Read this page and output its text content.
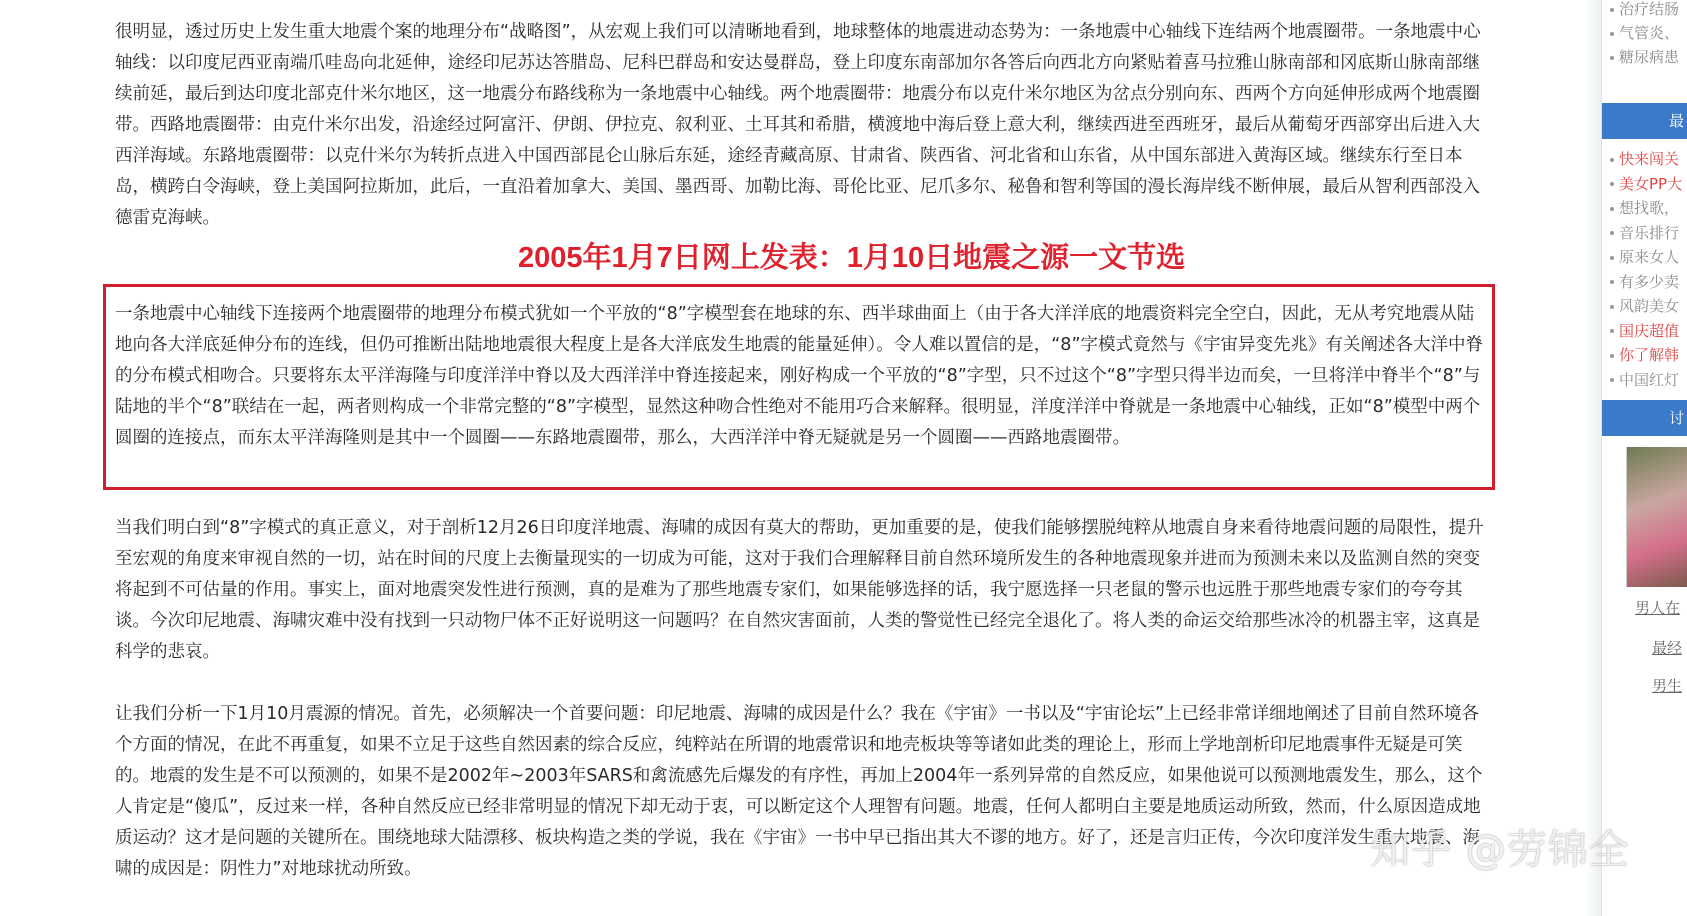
很明显，透过历史上发生重大地震个案的地理分布“战略图”，从宏观上我们可以清晰地看到，地球整体的地震进动态势为：一条地震中心轴线下连结两个地震圈带。一条地震中心轴线：以印度尼西亚南端爪哇岛向北延伸，途经印尼苏达答腊岛、尼科巴群岛和安达曼群岛，登上印度东南部加尔各答后向西北方向紧贴着喜马拉雅山脉南部和冈底斯山脉南部继续前延，最后到达印度北部克什米尔地区，这一地震分布路线称为一条地震中心轴线。两个地震圈带：地震分布以克什米尔地区为岔点分别向东、西两个方向延伸形成两个地震圈带。西路地震圈带：由克什米尔出发，沿途经过阿富汗、伊朗、伊拉克、叙利亚、土耳其和希腊，横渡地中海后登上意大利，继续西进至西班牙，最后从葡萄牙西部穿出后进入大西洋海域。东路地震圈带：以克什米尔为转折点进入中国西部昆仑山脉后东延，途经青藏高原、甘肃省、陕西省、河北省和山东省，从中国东部进入黄海区域。继续东行至日本岛，横跨白令海峡，登上美国阿拉斯加，此后，一直沿着加拿大、美国、墨西哥、加勒比海、哥伦比亚、尼爪多尔、秘鲁和智利等国的漫长海岸线不断伸展，最后从智利西部没入德雷克海峡。

2005年1月7日网上发表：1月10日地震之源一文节选

一条地震中心轴线下连接两个地震圈带的地理分布模式犹如一个平放的“8”字模型套在地球的东、西半球曲面上（由于各大洋洋底的地震资料完全空白，因此，无从考究地震从陆地向各大洋底延伸分布的连线，但仍可推断出陆地地震很大程度上是各大洋底发生地震的能量延伸）。令人难以置信的是，“8”字模式竟然与《宇宙异变先兆》有关阐述各大洋中脊的分布模式相吻合。只要将东太平洋海隆与印度洋洋中脊以及大西洋洋中脊连接起来，刚好构成一个平放的“8”字型，只不过这个“8”字型只得半边而矣，一旦将洋中脊半个“8”与陆地的半个“8”联结在一起，两者则构成一个非常完整的“8”字模型，显然这种吻合性绝对不能用巧合来解释。很明显，洋度洋洋中脊就是一条地震中心轴线，正如“8”模型中两个圆圈的连接点，而东太平洋海隆则是其中一个圆圈——东路地震圈带，那么，大西洋洋中脊无疑就是另一个圆圈——西路地震圈带。

当我们明白到“8”字模式的真正意义，对于剖析12月26日印度洋地震、海啸的成因有莫大的帮助，更加重要的是，使我们能够摆脱纯粹从地震自身来看待地震问题的局限性，提升至宏观的角度来审视自然的一切，站在时间的尺度上去衡量现实的一切成为可能，这对于我们合理解释目前自然环境所发生的各种地震现象并进而为预测未来以及监测自然的突变将起到不可估量的作用。事实上，面对地震突发性进行预测，真的是难为了那些地震专家们，如果能够选择的话，我宁愿选择一只老鼠的警示也远胜于那些地震专家们的夸夸其谈。今次印尼地震、海啸灾难中没有找到一只动物尸体不正好说明这一问题吗？在自然灾害面前，人类的警觉性已经完全退化了。将人类的命运交给那些冰冷的机器主宰，这真是科学的悲哀。

让我们分析一下1月10月震源的情况。首先，必须解决一个首要问题：印尼地震、海啸的成因是什么？我在《宇宙》一书以及“宇宙论坛”上已经非常详细地阐述了目前自然环境各个方面的情况，在此不再重复，如果不立足于这些自然因素的综合反应，纯粹站在所谓的地震常识和地壳板块等等诸如此类的理论上，形而上学地剖析印尼地震事件无疑是可笑的。地震的发生是不可以预测的，如果不是2002年~2003年SARS和禽流感先后爆发的有序性，再加上2004年一系列异常的自然反应，如果他说可以预测地震发生，那么，这个人肯定是“傻瓜”，反过来一样，各种自然反应已经非常明显的情况下却无动于衷，可以断定这个人理智有问题。地震，任何人都明白主要是地质运动所致，然而，什么原因造成地质运动？这才是问题的关键所在。围绕地球大陆漂移、板块构造之类的学说，我在《宇宙》一书中早已指出其大不谬的地方。好了，还是言归正传，今次印度洋发生重大地震、海啸的成因是：阴性力”对地球扰动所致。

治疗结肠
气管炎、
糖尿病患
最
快来闯关
美女PP大
想找歌，
音乐排行
原来女人
有多少卖
风韵美女
国庆超值
你了解韩
中国红灯
讨
男人在
最经
男生
知乎 @劳锦全
